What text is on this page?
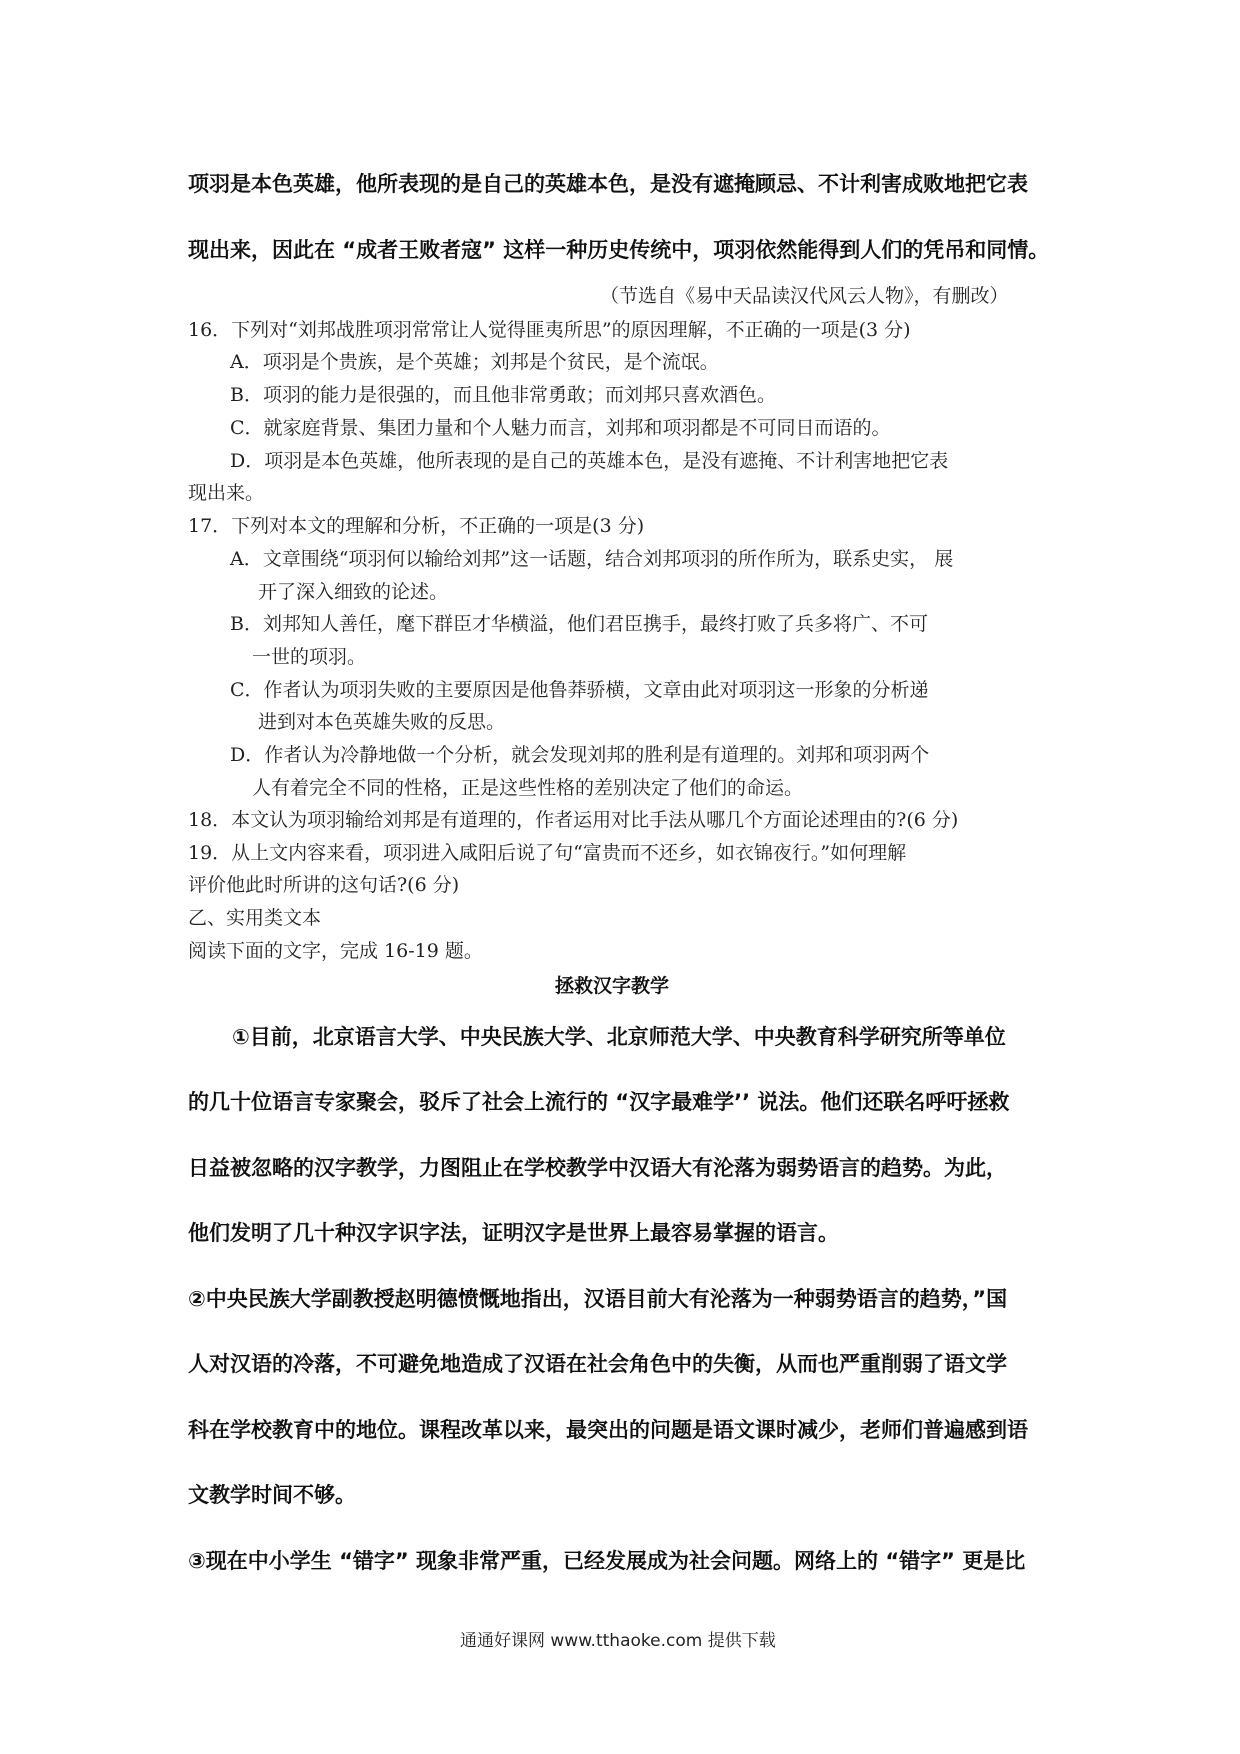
项羽是本色英雄，他所表现的是自己的英雄本色，是没有遮掩顾忌、不计利害成败地把它表

现出来，因此在 “成者王败者寇” 这样一种历史传统中，项羽依然能得到人们的凭吊和同情。

（节选自《易中天品读汉代风云人物》，有删改）

16．下列对“刘邦战胜项羽常常让人觉得匪夷所思”的原因理解，不正确的一项是(3 分)

A．项羽是个贵族，是个英雄；刘邦是个贫民，是个流氓。

B．项羽的能力是很强的，而且他非常勇敢；而刘邦只喜欢酒色。

C．就家庭背景、集团力量和个人魅力而言，刘邦和项羽都是不可同日而语的。

D．项羽是本色英雄，他所表现的是自己的英雄本色，是没有遮掩、不计利害地把它表

现出来。

17．下列对本文的理解和分析，不正确的一项是(3 分)

A．文章围绕“项羽何以输给刘邦”这一话题，结合刘邦项羽的所作所为，联系史实， 展

开了深入细致的论述。

B．刘邦知人善任，麾下群臣才华横溢，他们君臣携手，最终打败了兵多将广、不可

一世的项羽。

C．作者认为项羽失败的主要原因是他鲁莽骄横，文章由此对项羽这一形象的分析递

进到对本色英雄失败的反思。

D．作者认为冷静地做一个分析，就会发现刘邦的胜利是有道理的。刘邦和项羽两个

人有着完全不同的性格，正是这些性格的差别决定了他们的命运。

18．本文认为项羽输给刘邦是有道理的，作者运用对比手法从哪几个方面论述理由的?(6 分)

19．从上文内容来看，项羽进入咸阳后说了句“富贵而不还乡，如衣锦夜行。”如何理解

评价他此时所讲的这句话?(6 分)

乙、实用类文本

阅读下面的文字，完成 16-19 题。

拯救汉字教学

①目前，北京语言大学、中央民族大学、北京师范大学、中央教育科学研究所等单位

的几十位语言专家聚会，驳斥了社会上流行的 “汉字最难学’’ 说法。他们还联名呼吁拯救

日益被忽略的汉字教学，力图阻止在学校教学中汉语大有沦落为弱势语言的趋势。为此，

他们发明了几十种汉字识字法，证明汉字是世界上最容易掌握的语言。

②中央民族大学副教授赵明德愤慨地指出，汉语目前大有沦落为一种弱势语言的趋势，”国

人对汉语的冷落，不可避免地造成了汉语在社会角色中的失衡，从而也严重削弱了语文学

科在学校教育中的地位。课程改革以来，最突出的问题是语文课时减少，老师们普遍感到语

文教学时间不够。

③现在中小学生 “错字” 现象非常严重，已经发展成为社会问题。网络上的 “错字” 更是比

通通好课网 www.tthaoke.com 提供下载
